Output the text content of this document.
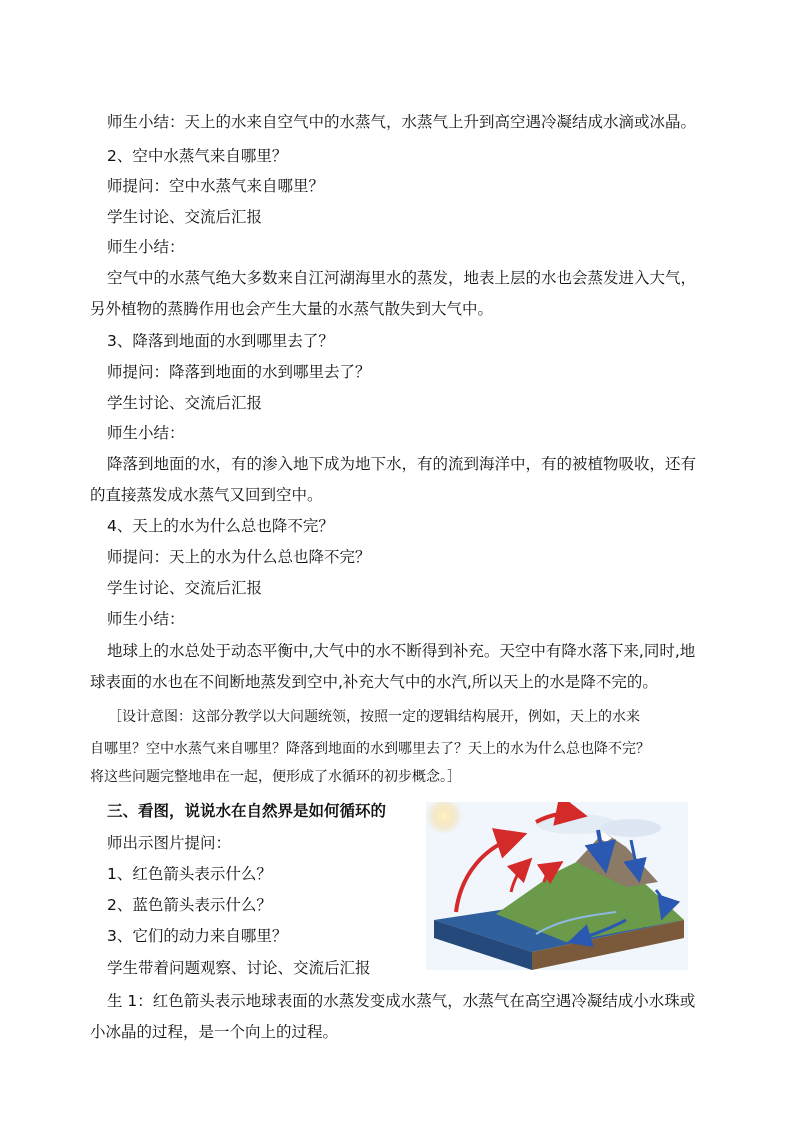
师生小结：天上的水来自空气中的水蒸气，水蒸气上升到高空遇冷凝结成水滴或冰晶。
2、空中水蒸气来自哪里？
师提问：空中水蒸气来自哪里？
学生讨论、交流后汇报
师生小结：
空气中的水蒸气绝大多数来自江河湖海里水的蒸发，地表上层的水也会蒸发进入大气，
另外植物的蒸腾作用也会产生大量的水蒸气散失到大气中。
3、降落到地面的水到哪里去了？
师提问：降落到地面的水到哪里去了？
学生讨论、交流后汇报
师生小结：
降落到地面的水，有的渗入地下成为地下水，有的流到海洋中，有的被植物吸收，还有
的直接蒸发成水蒸气又回到空中。
4、天上的水为什么总也降不完？
师提问：天上的水为什么总也降不完？
学生讨论、交流后汇报
师生小结：
地球上的水总处于动态平衡中,大气中的水不断得到补充。天空中有降水落下来,同时,地
球表面的水也在不间断地蒸发到空中,补充大气中的水汽,所以天上的水是降不完的。
［设计意图：这部分教学以大问题统领，按照一定的逻辑结构展开，例如，天上的水来
自哪里？空中水蒸气来自哪里？降落到地面的水到哪里去了？天上的水为什么总也降不完？
将这些问题完整地串在一起，便形成了水循环的初步概念。］
三、看图，说说水在自然界是如何循环的
师出示图片提问：
1、红色箭头表示什么？
2、蓝色箭头表示什么？
3、它们的动力来自哪里？
学生带着问题观察、讨论、交流后汇报
生 1：红色箭头表示地球表面的水蒸发变成水蒸气，水蒸气在高空遇冷凝结成小水珠或
小冰晶的过程，是一个向上的过程。
